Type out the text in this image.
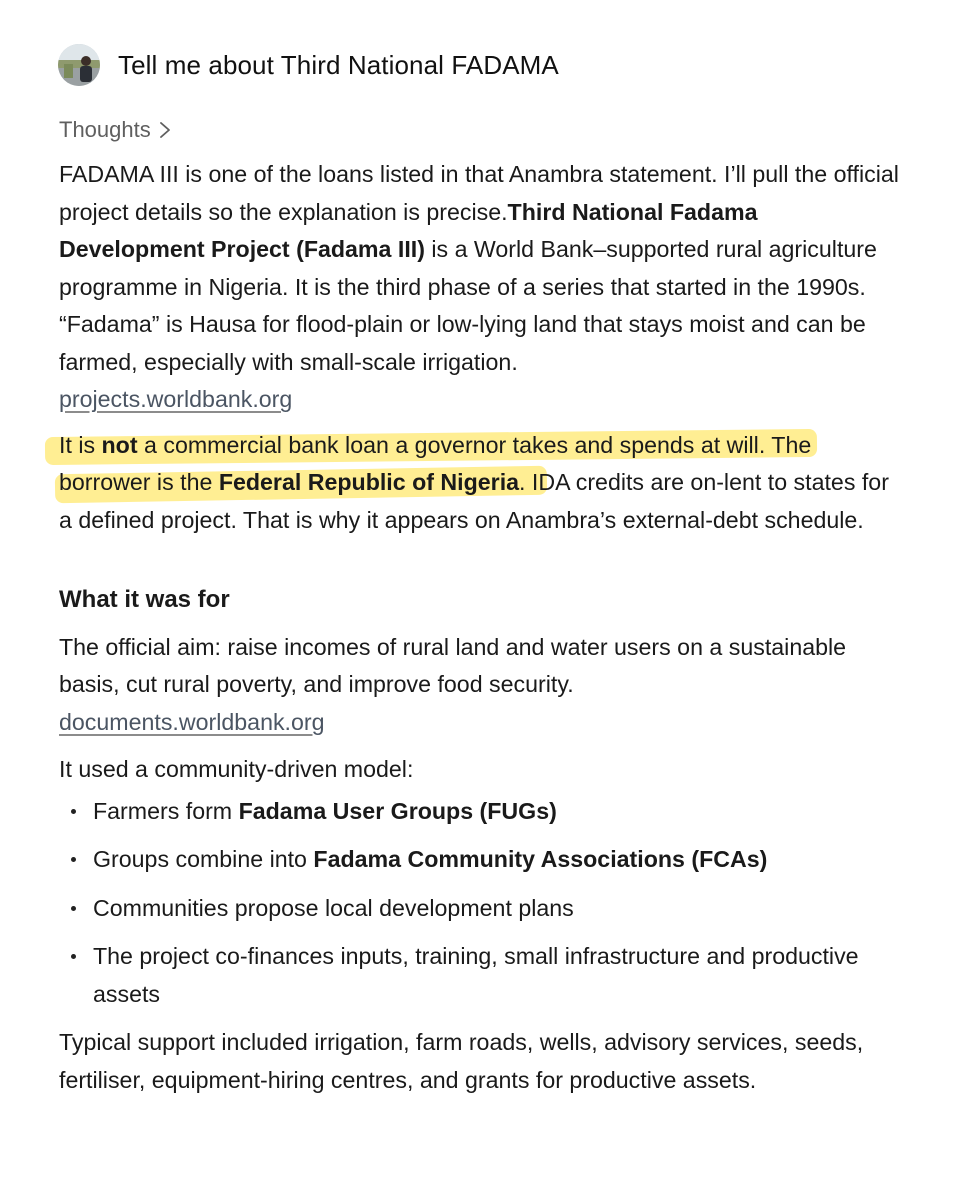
Tell me about Third National FADAMA
Thoughts

FADAMA III is one of the loans listed in that Anambra statement. I’ll pull the official project details so the explanation is precise.Third National Fadama Development Project (Fadama III) is a World Bank–supported rural agriculture programme in Nigeria. It is the third phase of a series that started in the 1990s. “Fadama” is Hausa for flood-plain or low-lying land that stays moist and can be farmed, especially with small-scale irrigation.
projects.worldbank.org

It is not a commercial bank loan a governor takes and spends at will. The borrower is the Federal Republic of Nigeria. IDA credits are on-lent to states for a defined project. That is why it appears on Anambra’s external-debt schedule.

What it was for

The official aim: raise incomes of rural land and water users on a sustainable basis, cut rural poverty, and improve food security.
documents.worldbank.org

It used a community-driven model:

Farmers form Fadama User Groups (FUGs)
Groups combine into Fadama Community Associations (FCAs)
Communities propose local development plans
The project co-finances inputs, training, small infrastructure and productive assets

Typical support included irrigation, farm roads, wells, advisory services, seeds, fertiliser, equipment-hiring centres, and grants for productive assets.
